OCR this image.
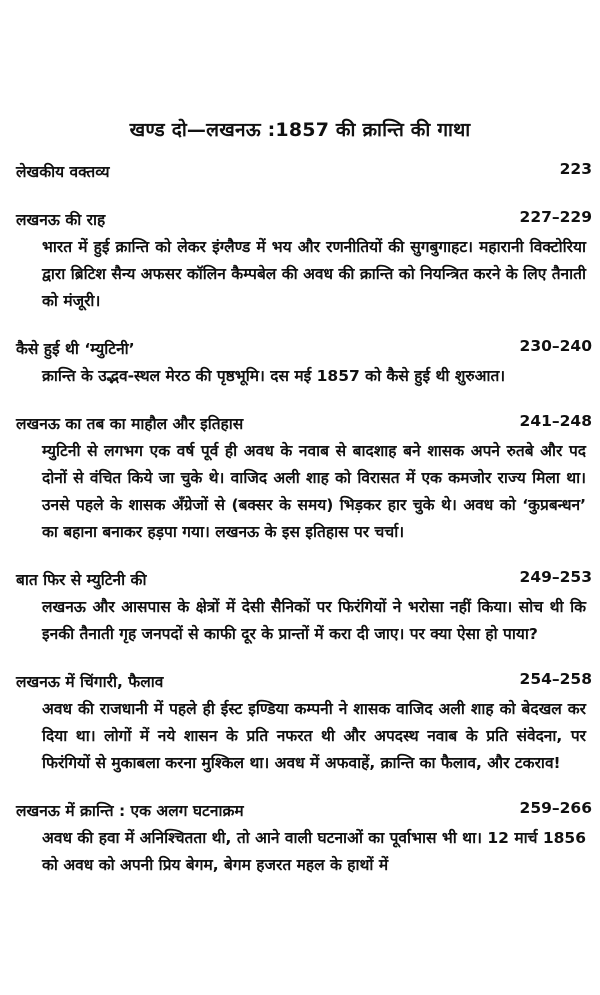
खण्ड दो—लखनऊ :1857 की क्रान्ति की गाथा
लेखकीय वक्तव्य	223
लखनऊ की राह	227–229
भारत में हुई क्रान्ति को लेकर इंग्लैण्ड में भय और रणनीतियों की सुगबुगाहट। महारानी विक्टोरिया द्वारा ब्रिटिश सैन्य अफसर कॉलिन कैम्पबेल की अवध की क्रान्ति को नियन्त्रित करने के लिए तैनाती को मंजूरी।
कैसे हुई थी ‘म्युटिनी’	230–240
क्रान्ति के उद्भव-स्थल मेरठ की पृष्ठभूमि। दस मई 1857 को कैसे हुई थी शुरुआत।
लखनऊ का तब का माहौल और इतिहास	241–248
म्युटिनी से लगभग एक वर्ष पूर्व ही अवध के नवाब से बादशाह बने शासक अपने रुतबे और पद दोनों से वंचित किये जा चुके थे। वाजिद अली शाह को विरासत में एक कमजोर राज्य मिला था। उनसे पहले के शासक अँग्रेजों से (बक्सर के समय) भिड़कर हार चुके थे। अवध को ‘कुप्रबन्धन’ का बहाना बनाकर हड़पा गया। लखनऊ के इस इतिहास पर चर्चा।
बात फिर से म्युटिनी की	249–253
लखनऊ और आसपास के क्षेत्रों में देसी सैनिकों पर फिरंगियों ने भरोसा नहीं किया। सोच थी कि इनकी तैनाती गृह जनपदों से काफी दूर के प्रान्तों में करा दी जाए। पर क्या ऐसा हो पाया?
लखनऊ में चिंगारी, फैलाव	254–258
अवध की राजधानी में पहले ही ईस्ट इण्डिया कम्पनी ने शासक वाजिद अली शाह को बेदखल कर दिया था। लोगों में नये शासन के प्रति नफरत थी और अपदस्थ नवाब के प्रति संवेदना, पर फिरंगियों से मुकाबला करना मुश्किल था। अवध में अफवाहें, क्रान्ति का फैलाव, और टकराव!
लखनऊ में क्रान्ति : एक अलग घटनाक्रम	259–266
अवध की हवा में अनिश्चितता थी, तो आने वाली घटनाओं का पूर्वाभास भी था। 12 मार्च 1856 को अवध को अपनी प्रिय बेगम, बेगम हजरत महल के हाथों में
